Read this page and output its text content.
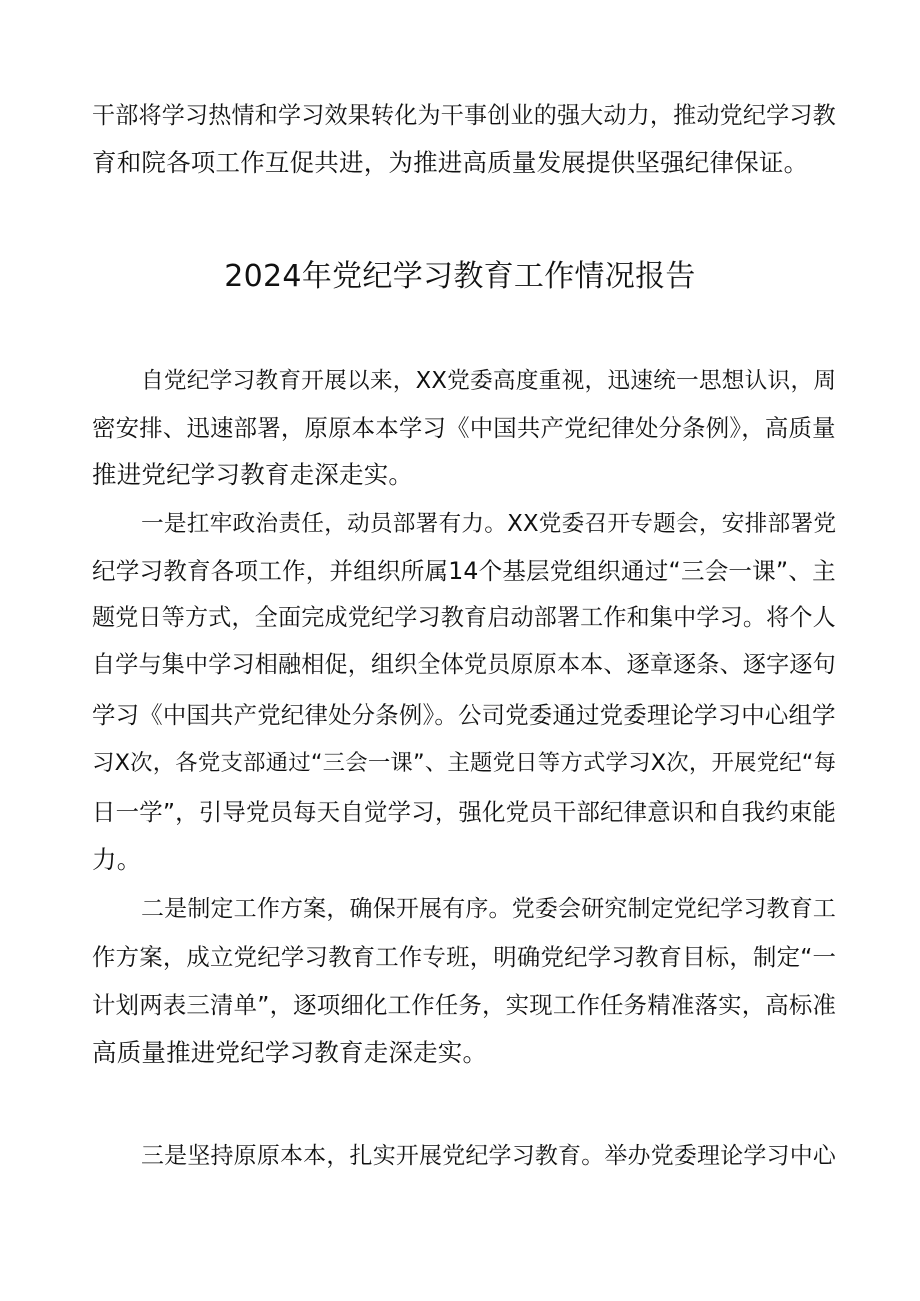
干部将学习热情和学习效果转化为干事创业的强大动力，推动党纪学习教
育和院各项工作互促共进，为推进高质量发展提供坚强纪律保证。
2024年党纪学习教育工作情况报告
自党纪学习教育开展以来，XX党委高度重视，迅速统一思想认识，周
密安排、迅速部署，原原本本学习《中国共产党纪律处分条例》，高质量
推进党纪学习教育走深走实。
一是扛牢政治责任，动员部署有力。XX党委召开专题会，安排部署党
纪学习教育各项工作，并组织所属14个基层党组织通过“三会一课”、主
题党日等方式，全面完成党纪学习教育启动部署工作和集中学习。将个人
自学与集中学习相融相促，组织全体党员原原本本、逐章逐条、逐字逐句
学习《中国共产党纪律处分条例》。公司党委通过党委理论学习中心组学
习X次，各党支部通过“三会一课”、主题党日等方式学习X次，开展党纪“每
日一学”，引导党员每天自觉学习，强化党员干部纪律意识和自我约束能
力。
二是制定工作方案，确保开展有序。党委会研究制定党纪学习教育工
作方案，成立党纪学习教育工作专班，明确党纪学习教育目标，制定“一
计划两表三清单”，逐项细化工作任务，实现工作任务精准落实，高标准
高质量推进党纪学习教育走深走实。
三是坚持原原本本，扎实开展党纪学习教育。举办党委理论学习中心
